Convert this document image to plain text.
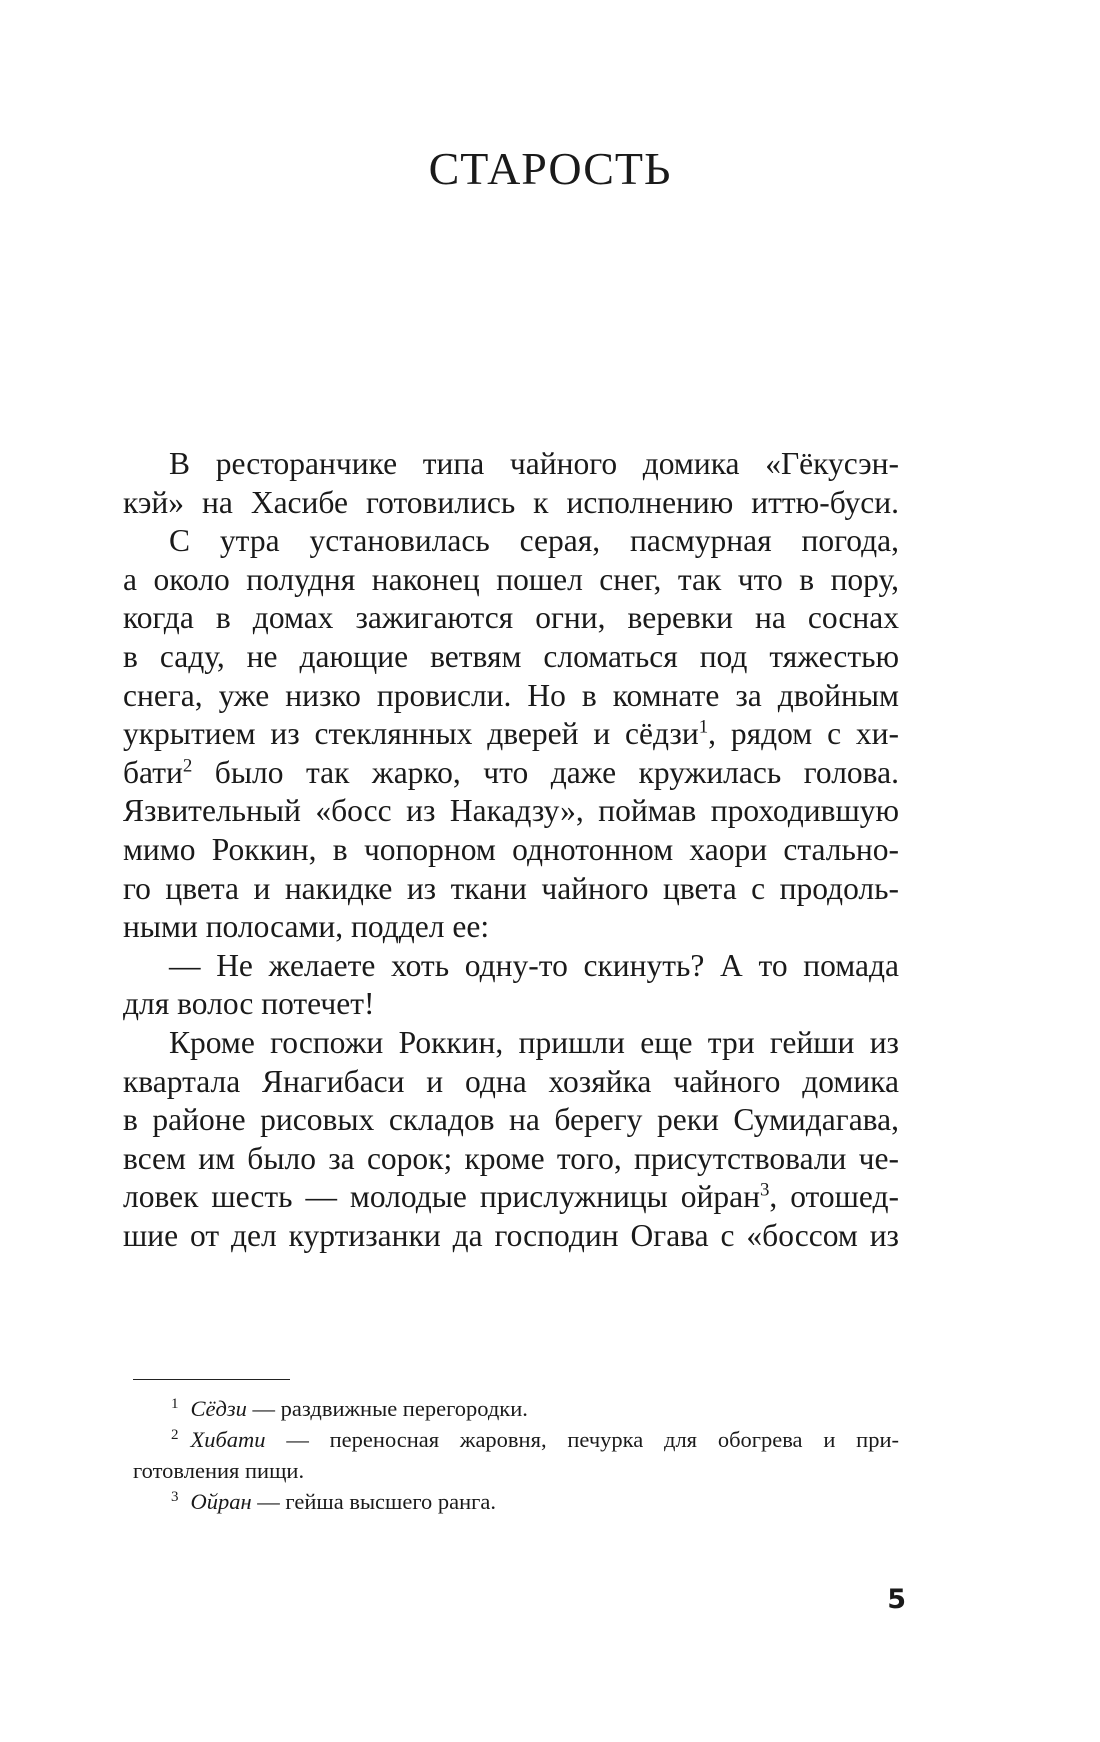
СТАРОСТЬ
В ресторанчике типа чайного домика «Гёкусэн-
кэй» на Хасибе готовились к исполнению иттю-буси.
С утра установилась серая, пасмурная погода,
а около полудня наконец пошел снег, так что в пору,
когда в домах зажигаются огни, веревки на соснах
в саду, не дающие ветвям сломаться под тяжестью
снега, уже низко провисли. Но в комнате за двойным
укрытием из стеклянных дверей и сёдзи$^1$, рядом с хи-
бати$^2$ было так жарко, что даже кружилась голова.
Язвительный «босс из Накадзу», поймав проходившую
мимо Роккин, в чопорном однотонном хаори стально-
го цвета и накидке из ткани чайного цвета с продоль-
ными полосами, поддел ее:
— Не желаете хоть одну-то скинуть? А то помада
для волос потечет!
Кроме госпожи Роккин, пришли еще три гейши из
квартала Янагибаси и одна хозяйка чайного домика
в районе рисовых складов на берегу реки Сумидагава,
всем им было за сорок; кроме того, присутствовали че-
ловек шесть — молодые прислужницы ойран$^3$, отошед-
шие от дел куртизанки да господин Огава с «боссом из
$^1$ Сёдзи — раздвижные перегородки.
$^2$ Хибати — переносная жаровня, печурка для обогрева и при-
готовления пищи.
$^3$ Ойран — гейша высшего ранга.
5
